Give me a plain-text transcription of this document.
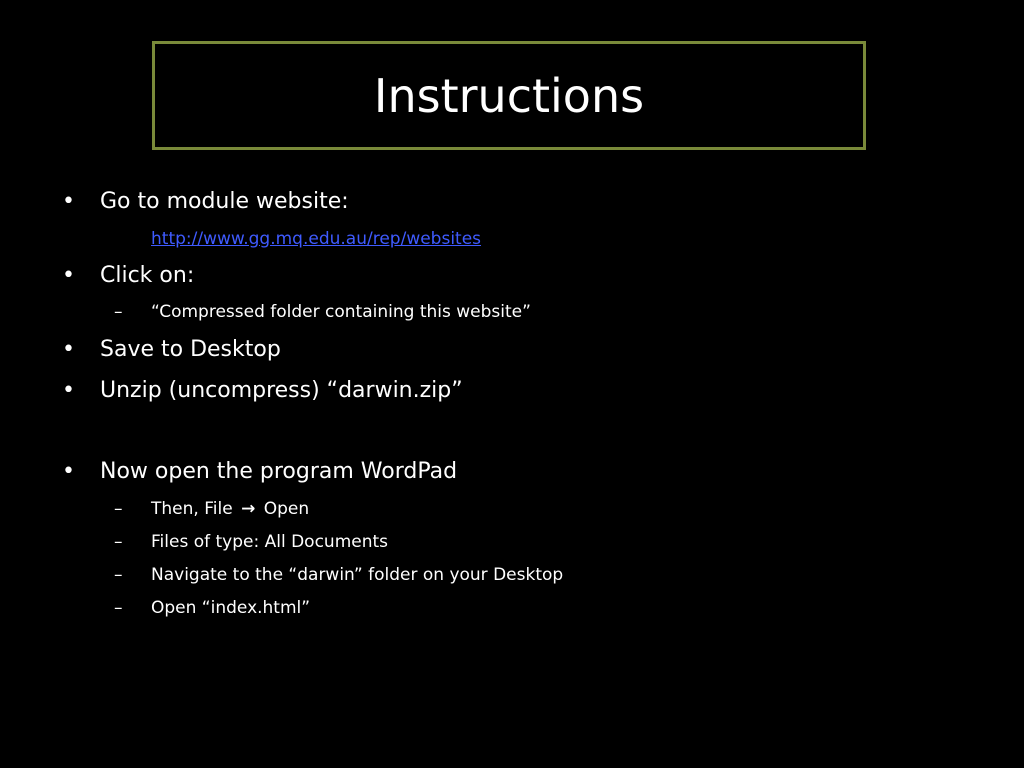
Instructions
• Go to module website:
http://www.gg.mq.edu.au/rep/websites
• Click on:
– “Compressed folder containing this website”
• Save to Desktop
• Unzip (uncompress) “darwin.zip”
• Now open the program WordPad
– Then, File → Open
– Files of type: All Documents
– Navigate to the “darwin” folder on your Desktop
– Open “index.html”
